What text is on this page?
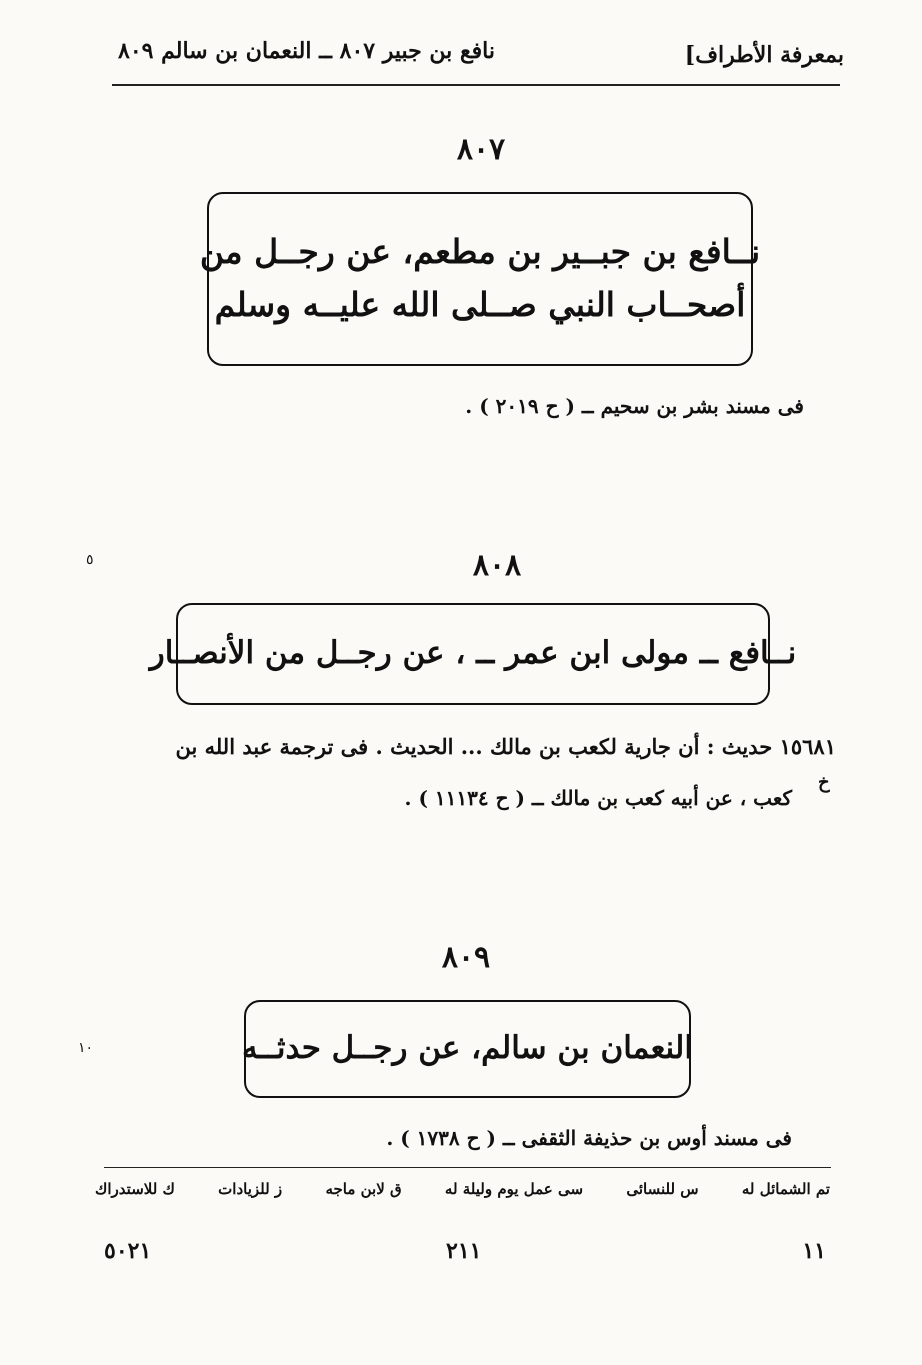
بمعرفة الأطراف]
نافع بن جبير ٨٠٧ ــ النعمان بن سالم ٨٠٩
٨٠٧
نــافع بن جبــير بن مطعم، عن رجــل من
أصحــاب النبي صــلى الله عليــه وسلم
فى مسند بشر بن سحيم ــ ( ح ٢٠١٩ ) .
٥	٨٠٨
نــافع ــ مولى ابن عمر ــ ، عن رجــل من الأنصــار
١٥٦٨١ حديث : أن جارية لكعب بن مالك ... الحديث . فى ترجمة عبد الله بن
كعب ، عن أبيه كعب بن مالك ــ ( ح ١١١٣٤ ) .
خ
٨٠٩
النعمان بن سالم، عن رجــل حدثــه
فى مسند أوس بن حذيفة الثقفى ــ ( ح ١٧٣٨ ) .
١٠
تم الشمائل له
س للنسائى
سى عمل يوم وليلة له
ق لابن ماجه
ز للزيادات
ك للاستدراك
١١
٢١١
٥٠٢١
